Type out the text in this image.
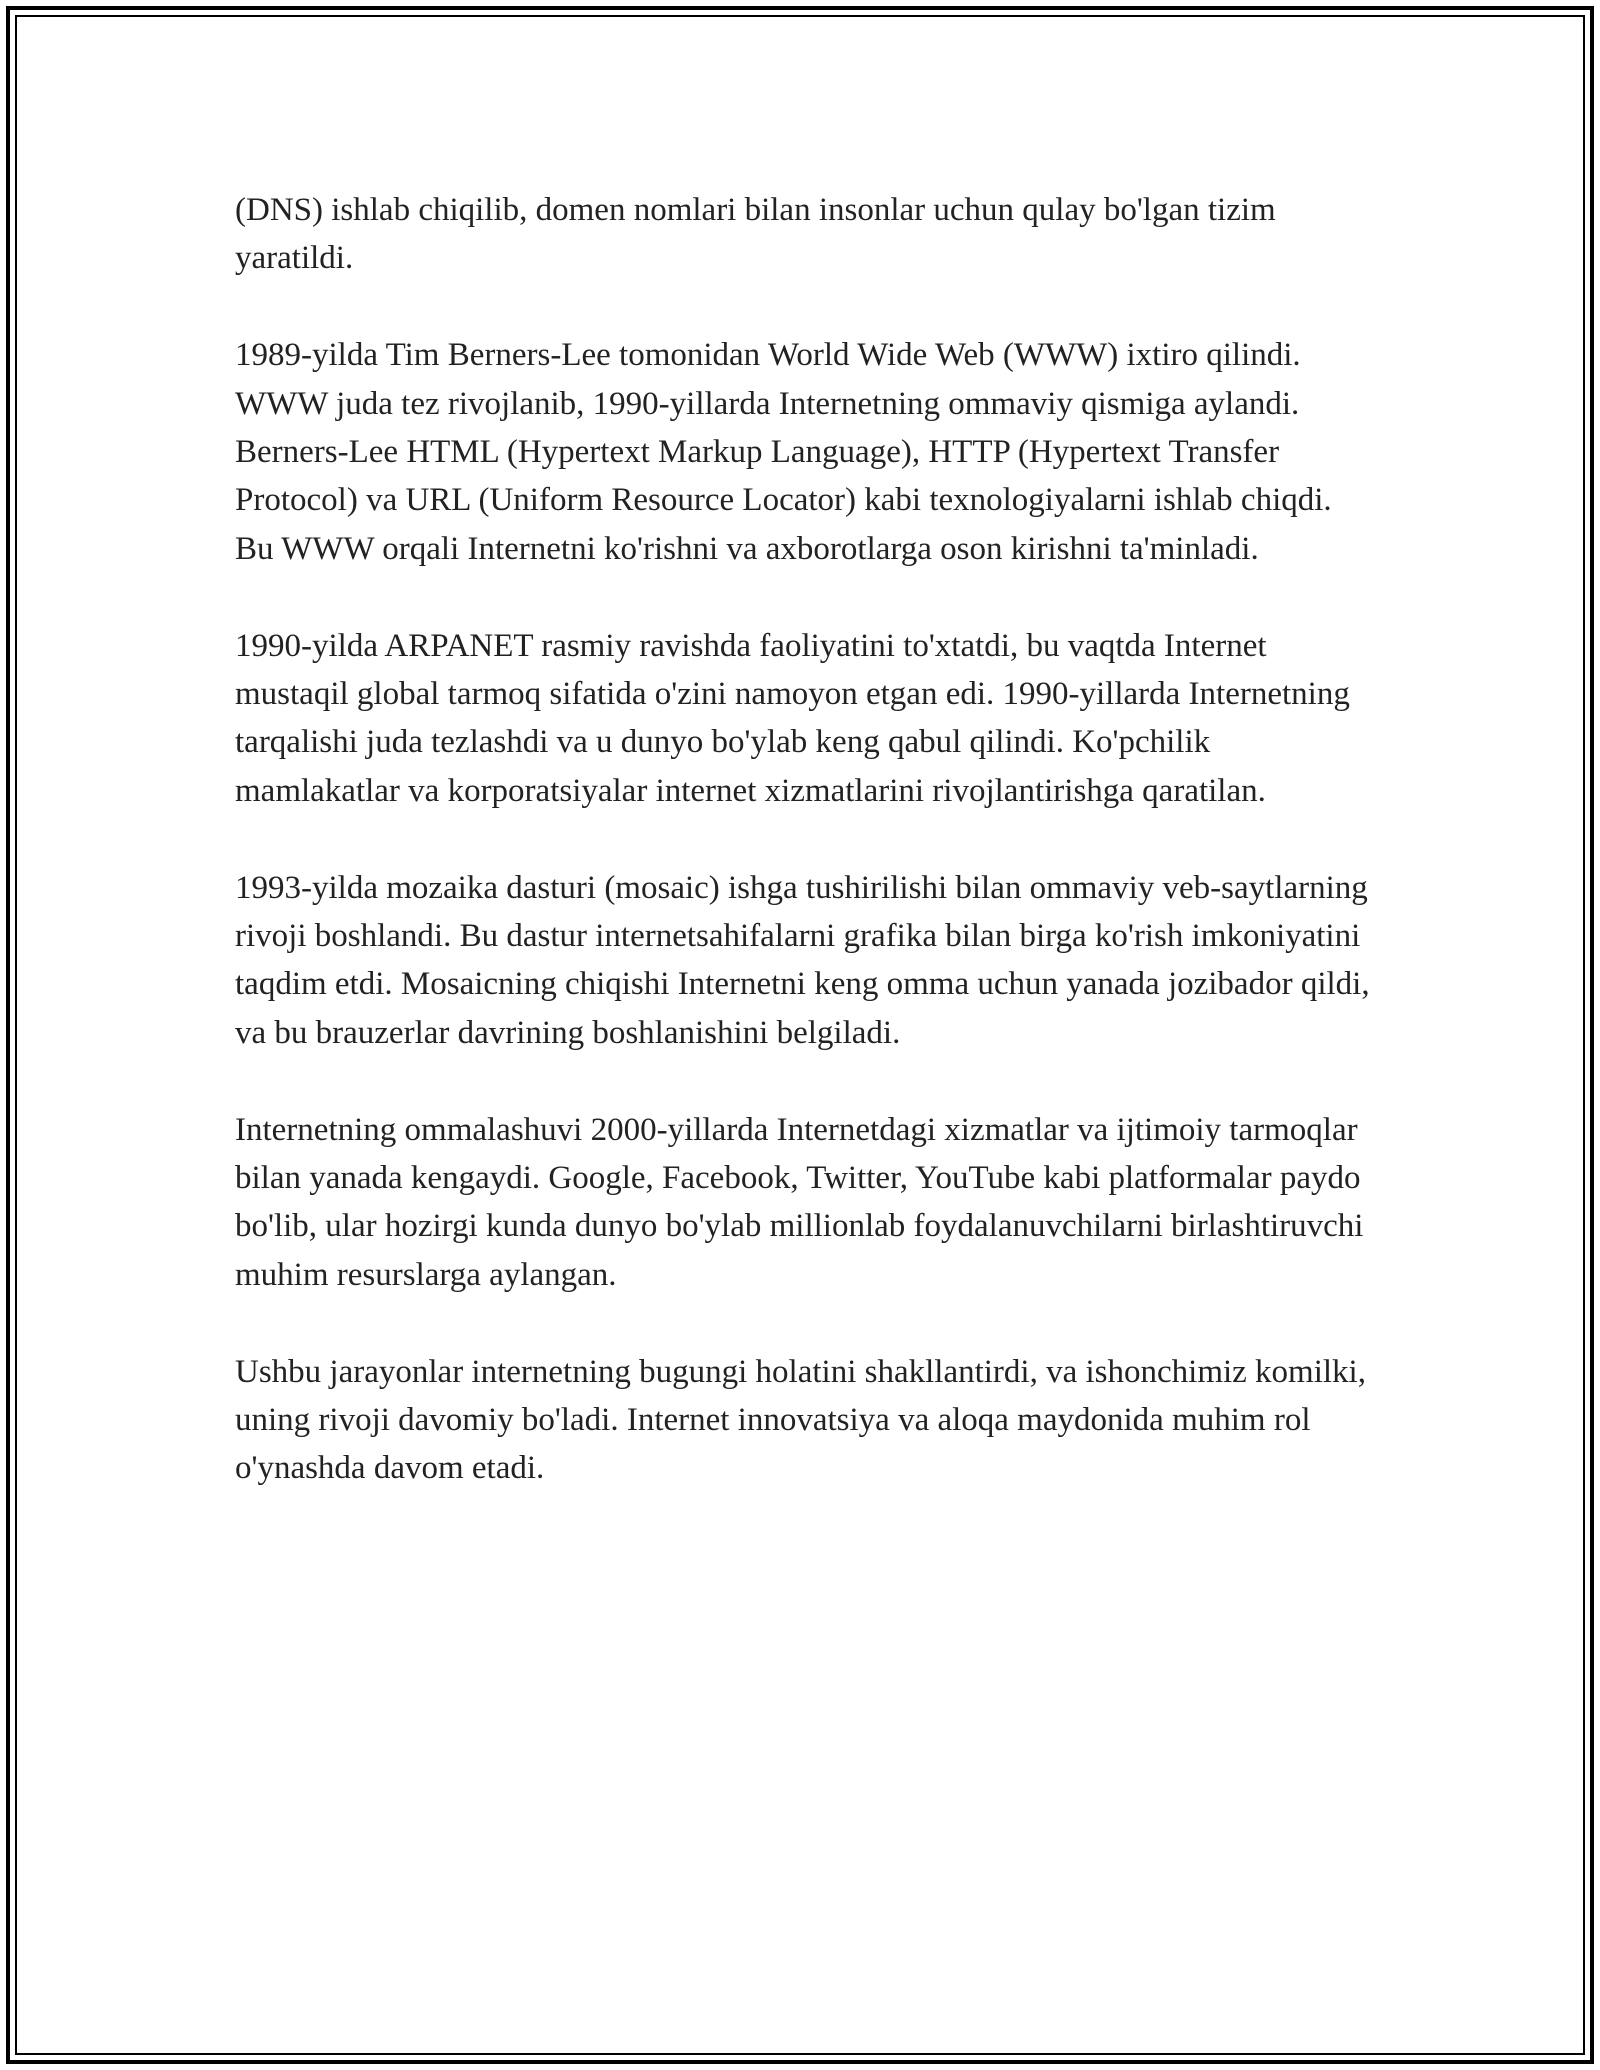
(DNS) ishlab chiqilib, domen nomlari bilan insonlar uchun qulay bo'lgan tizim yaratildi.

1989-yilda Tim Berners-Lee tomonidan World Wide Web (WWW) ixtiro qilindi. WWW juda tez rivojlanib, 1990-yillarda Internetning ommaviy qismiga aylandi. Berners-Lee HTML (Hypertext Markup Language), HTTP (Hypertext Transfer Protocol) va URL (Uniform Resource Locator) kabi texnologiyalarni ishlab chiqdi. Bu WWW orqali Internetni ko'rishni va axborotlarga oson kirishni ta'minladi.

1990-yilda ARPANET rasmiy ravishda faoliyatini to'xtatdi, bu vaqtda Internet mustaqil global tarmoq sifatida o'zini namoyon etgan edi. 1990-yillarda Internetning tarqalishi juda tezlashdi va u dunyo bo'ylab keng qabul qilindi. Ko'pchilik mamlakatlar va korporatsiyalar internet xizmatlarini rivojlantirishga qaratilan.

1993-yilda mozaika dasturi (mosaic) ishga tushirilishi bilan ommaviy veb-saytlarning rivoji boshlandi. Bu dastur internetsahifalarni grafika bilan birga ko'rish imkoniyatini taqdim etdi. Mosaicning chiqishi Internetni keng omma uchun yanada jozibador qildi, va bu brauzerlar davrining boshlanishini belgiladi.

Internetning ommalashuvi 2000-yillarda Internetdagi xizmatlar va ijtimoiy tarmoqlar bilan yanada kengaydi. Google, Facebook, Twitter, YouTube kabi platformalar paydo bo'lib, ular hozirgi kunda dunyo bo'ylab millionlab foydalanuvchilarni birlashtiruvchi muhim resurslarga aylangan.

Ushbu jarayonlar internetning bugungi holatini shakllantirdi, va ishonchimiz komilki, uning rivoji davomiy bo'ladi. Internet innovatsiya va aloqa maydonida muhim rol o'ynashda davom etadi.
